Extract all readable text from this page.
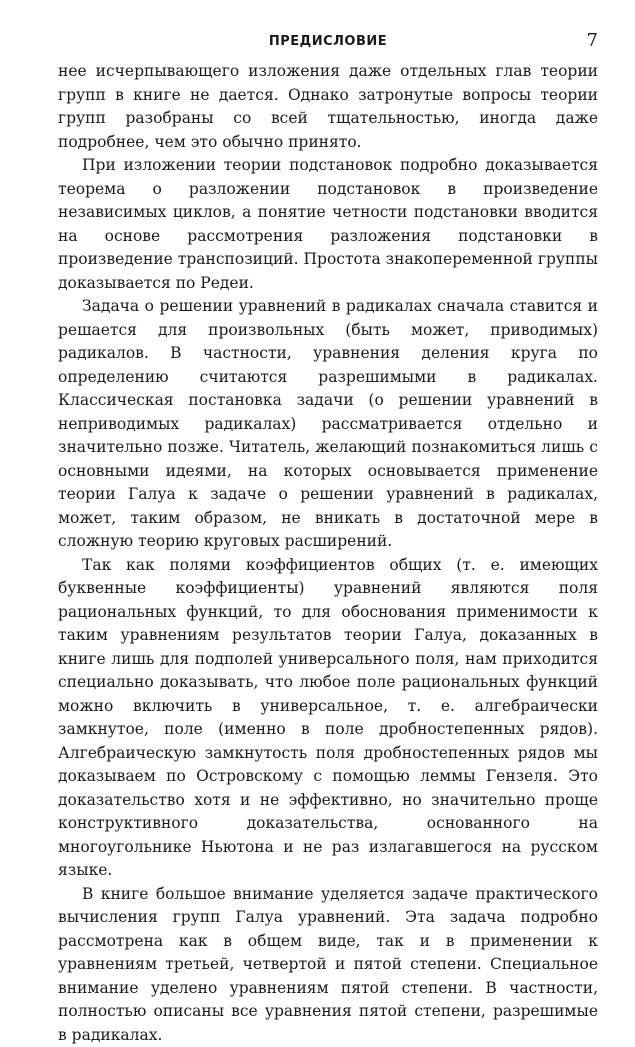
ПРЕДИСЛОВИЕ	7

нее исчерпывающего изложения даже отдельных глав теории групп в книге не дается. Однако затронутые вопросы теории групп разобраны со всей тщательностью, иногда даже подробнее, чем это обычно принято.

При изложении теории подстановок подробно доказывается теорема о разложении подстановок в произведение независимых циклов, а понятие четности подстановки вводится на основе рассмотрения разложения подстановки в произведение транспозиций. Простота знакопеременной группы доказывается по Редеи.

Задача о решении уравнений в радикалах сначала ставится и решается для произвольных (быть может, приводимых) радикалов. В частности, уравнения деления круга по определению считаются разрешимыми в радикалах. Классическая постановка задачи (о решении уравнений в неприводимых радикалах) рассматривается отдельно и значительно позже. Читатель, желающий познакомиться лишь с основными идеями, на которых основывается применение теории Галуа к задаче о решении уравнений в радикалах, может, таким образом, не вникать в достаточной мере в сложную теорию круговых расширений.

Так как полями коэффициентов общих (т. е. имеющих буквенные коэффициенты) уравнений являются поля рациональных функций, то для обоснования применимости к таким уравнениям результатов теории Галуа, доказанных в книге лишь для подполей универсального поля, нам приходится специально доказывать, что любое поле рациональных функций можно включить в универсальное, т. е. алгебраически замкнутое, поле (именно в поле дробностепенных рядов). Алгебраическую замкнутость поля дробностепенных рядов мы доказываем по Островскому с помощью леммы Гензеля. Это доказательство хотя и не эффективно, но значительно проще конструктивного доказательства, основанного на многоугольнике Ньютона и не раз излагавшегося на русском языке.

В книге большое внимание уделяется задаче практического вычисления групп Галуа уравнений. Эта задача подробно рассмотрена как в общем виде, так и в применении к уравнениям третьей, четвертой и пятой степени. Специальное внимание уделено уравнениям пятой степени. В частности, полностью описаны все уравнения пятой степени, разрешимые в радикалах.
